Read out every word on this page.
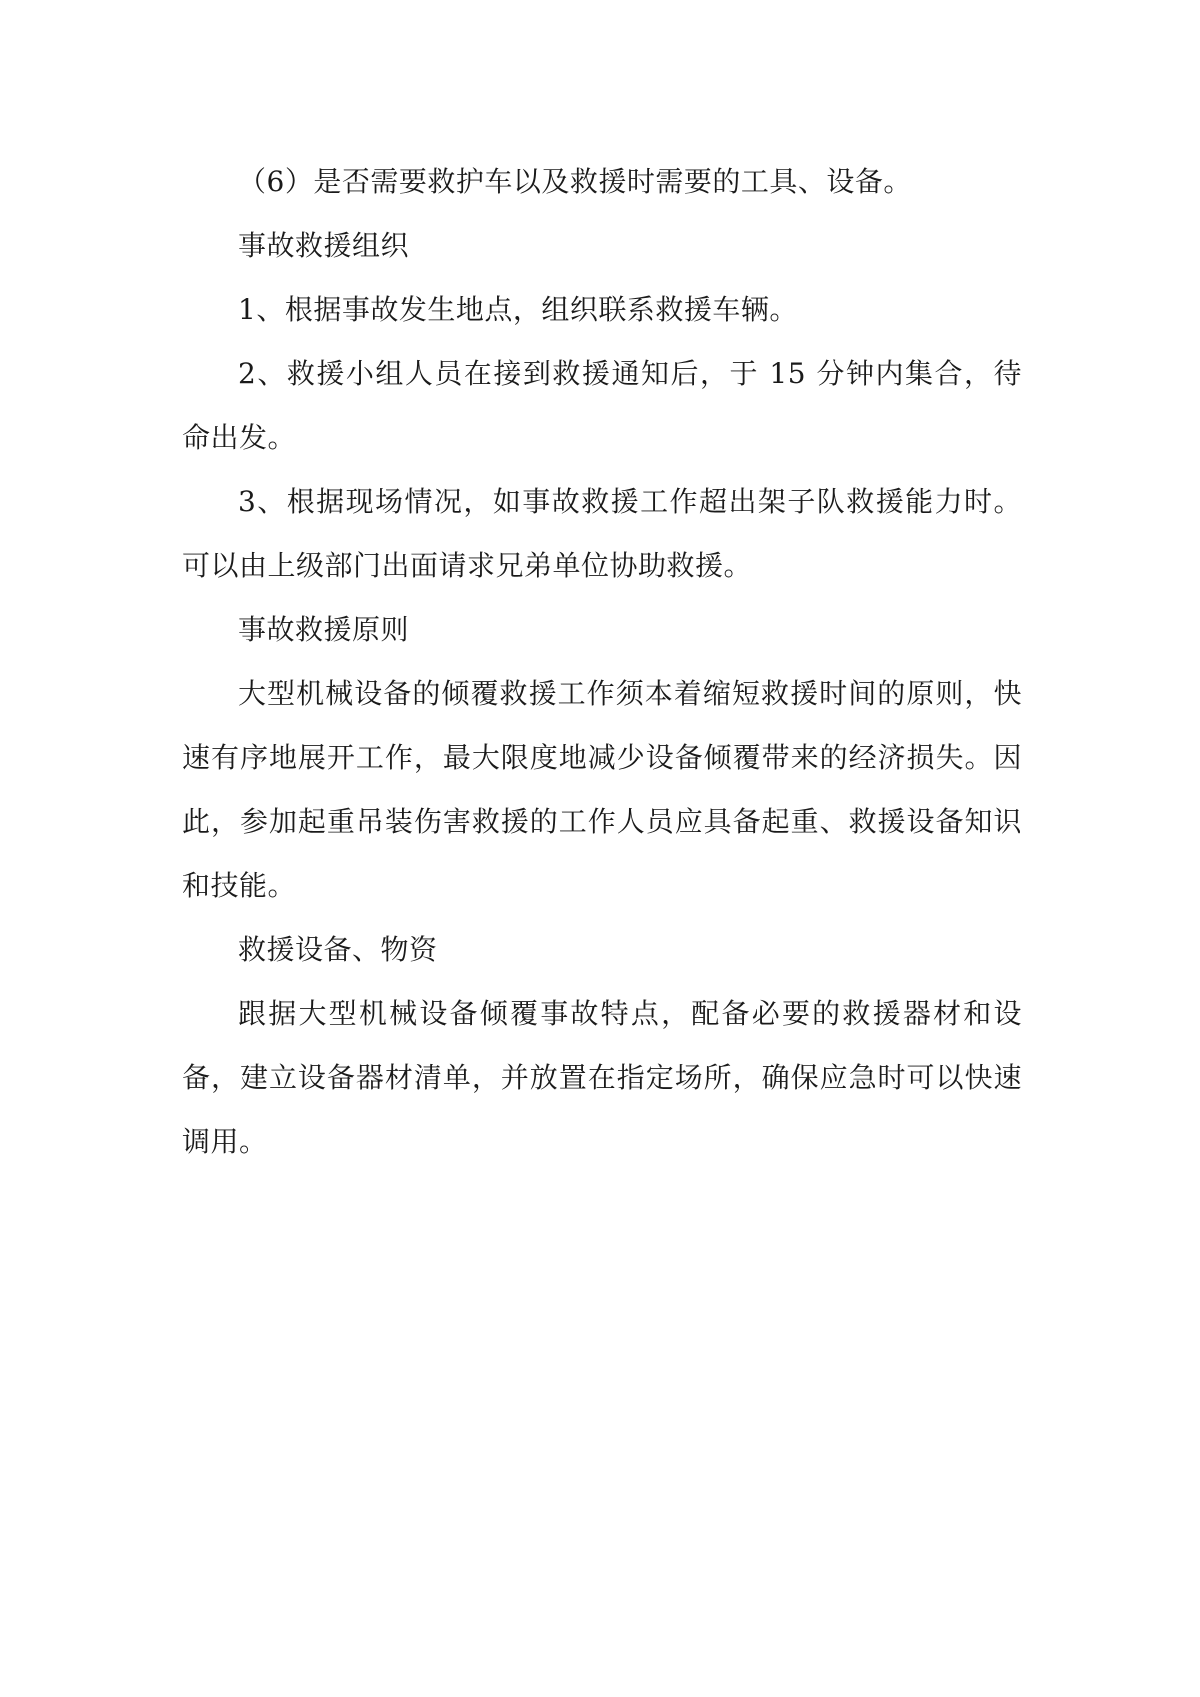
（6）是否需要救护车以及救援时需要的工具、设备。

事故救援组织

1、根据事故发生地点，组织联系救援车辆。

2、救援小组人员在接到救援通知后，于 15 分钟内集合，待命出发。

3、根据现场情况，如事故救援工作超出架子队救援能力时。可以由上级部门出面请求兄弟单位协助救援。

事故救援原则

大型机械设备的倾覆救援工作须本着缩短救援时间的原则，快速有序地展开工作，最大限度地减少设备倾覆带来的经济损失。因此，参加起重吊装伤害救援的工作人员应具备起重、救援设备知识和技能。

救援设备、物资

跟据大型机械设备倾覆事故特点，配备必要的救援器材和设备，建立设备器材清单，并放置在指定场所，确保应急时可以快速调用。
